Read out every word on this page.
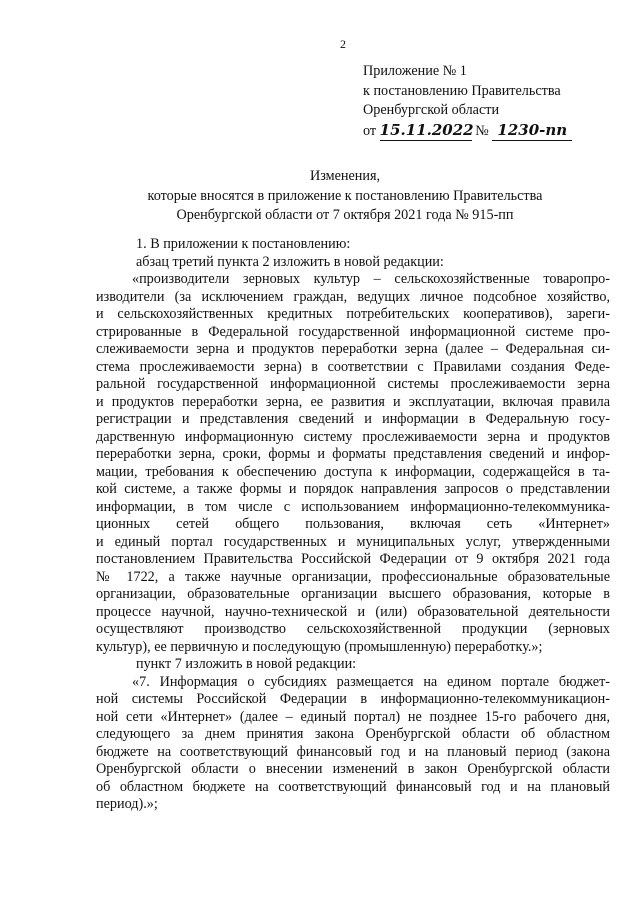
2
Приложение № 1
к постановлению Правительства
Оренбургской области
от 15.11.2022 № 1230-пп
Изменения,
которые вносятся в приложение к постановлению Правительства
Оренбургской области от 7 октября 2021 года № 915-пп
1. В приложении к постановлению:
абзац третий пункта 2 изложить в новой редакции:
«производители зерновых культур – сельскохозяйственные товаропро-
изводители (за исключением граждан, ведущих личное подсобное хозяйство,
и сельскохозяйственных кредитных потребительских кооперативов), зареги-
стрированные в Федеральной государственной информационной системе про-
слеживаемости зерна и продуктов переработки зерна (далее – Федеральная си-
стема прослеживаемости зерна) в соответствии с Правилами создания Феде-
ральной государственной информационной системы прослеживаемости зерна
и продуктов переработки зерна, ее развития и эксплуатации, включая правила
регистрации и представления сведений и информации в Федеральную госу-
дарственную информационную систему прослеживаемости зерна и продуктов
переработки зерна, сроки, формы и форматы представления сведений и инфор-
мации, требования к обеспечению доступа к информации, содержащейся в та-
кой системе, а также формы и порядок направления запросов о представлении
информации, в том числе с использованием информационно-телекоммуника-
ционных сетей общего пользования, включая сеть «Интернет»
и единый портал государственных и муниципальных услуг, утвержденными
постановлением Правительства Российской Федерации от 9 октября 2021 года
№ 1722, а также научные организации, профессиональные образовательные
организации, образовательные организации высшего образования, которые в
процессе научной, научно-технической и (или) образовательной деятельности
осуществляют производство сельскохозяйственной продукции (зерновых
культур), ее первичную и последующую (промышленную) переработку.»;
пункт 7 изложить в новой редакции:
«7. Информация о субсидиях размещается на едином портале бюджет-
ной системы Российской Федерации в информационно-телекоммуникацион-
ной сети «Интернет» (далее – единый портал) не позднее 15-го рабочего дня,
следующего за днем принятия закона Оренбургской области об областном
бюджете на соответствующий финансовый год и на плановый период (закона
Оренбургской области о внесении изменений в закон Оренбургской области
об областном бюджете на соответствующий финансовый год и на плановый
период).»;
